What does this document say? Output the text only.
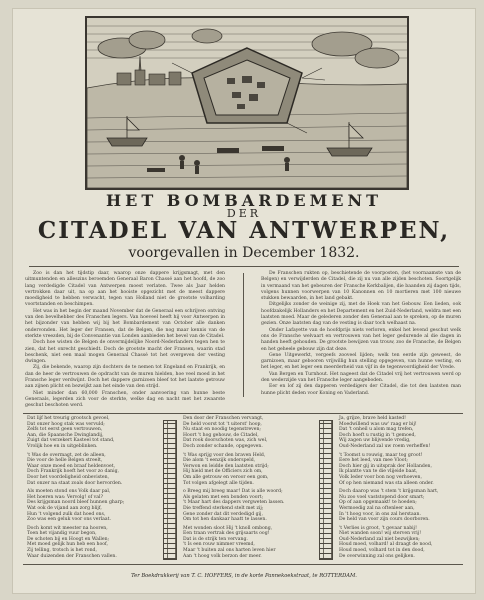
HET BOMBARDEMENT
DER
CITADEL VAN ANTWERPEN,
voorgevallen in December 1832.

Zoo is dan het tijdstip daar, waarop onze dappere krijgsmagt, met den uitmuntenden en alleszins beroemden Generaal Baron Chassé aan het hoofd, de zoo lang verdedigde Citadel van Antwerpen moest verlaten. Twee als Jaar helden vertrokken daar uit, na op aan het hooiste opgezicht met de meest dappere moedigheid te hebben verwacht, tegen van Holland niet de grootste volharding voortstanden en beschimpen.

Het was in het begin der maand November dat de Generaal een schrijven ontving van den bevelhebber des Franschen legers. Van hoeveel heeft hij voor Antwerpen in het bijzonder van hebben wij bij het Bombardement van October alle danken ondervonden. Het leger der Fransen, dat de Belgen, die nog maar kennis van de sterkte vreezden, bij de Convenantie van Londen aanbieden het bevel van de Citadel.

Doch hoe wisten de Belgen de onvermijdelijke Noord-Nederlanders tegen hen te zien, dat het onrecht geschiedt. Doch de grootste macht der Fransen, waarin stad beschenk, niet een maal mogen Generaal Chassé tot het overgeven der vesting dwingen.

Zij, die bekende, waarop zijn dochters de te nemen tot Engeland en Frankrijk, en dan de heer de vertrouwen de opdracht van de muren hielden, hoe veel moed in het Fransche leger verdwijnt. Doch het dappere garnizoen bleef tot het laatste getrouw aan zijnen plicht en bezwijkt aan het einde van den strijd.

Niet minder dan 60,000 Franschen, onder aanvoering van hunne beste Generaals, legerden zich voor de sterkte, welke dag en nacht met het zwaarste geschut beschoten werd.

De Franschen rukten op, beschietende de voorposten, (het voornaamste van de Belgen) en verwijderden de Citadel, die zij nu van alle zijden beschoten. Soortgelijk in vermaand van het gebeuren der Fransche Kerkbalijen, die baanden zij dagen tijds, volgens hunnen voorwerpen van 10 Kanonnen en 10 mortieren met 100 nieuwe stukken bewaarden, in het land gebakt.

Ditgelijks zonder de weinige zij, met de Hoek van het Gebouw. Een lieden, ook hoofdzakelijk Hollanders en het Departement en het Zuid-Nederland, weldra met een laatsten moed. Maar de gelederen zonder den Generaal aan te spreken, op de muren gezien. Onze laatsten dag van de vesting is daar toch welhaast na.

Onder Lafayette van de hoofdprijs niets verloren, enkel het levend geschut welk ons de Fransche welvaart en vertrouwen van het leger gedurende al die dagen in handen heeft gehouden. De grootste bewijzen van trouw, zoo de Fransche, de Belgen en het geheele gebouw zijn dat deze.

Gene Uitgewerkt, vergeefs zooveel lijden; welk ten eerde zijn geweest, de garnizoen, maar gebooren vrijwillig hun stelling opgegeven, van hunne vesting, en het leger, en het leger een meerderheid van vijf in de tegenwoordigheid der Vrede.

Van Bergen en Turnhout. Het nageest dat de Citadel vrij het vertrouwen werd op den wederzijde van het Fransche leger aangeboden.

Eer en lof zij den dapperen verdedigers der Citadel, die tot den laatsten man hunne plicht deden voor Koning en Vaderland.

Dat lijf het treurig grootsch gevoel,
Dat onzer hoog stak was vervuld;
Zelfs tot eerst geen vertrouwen,
Aan, die Spaansche Dwinglandij,
Zuigt dat verzekert Kasteel tot stand,
Vrolijk hoe en in uitgeblinken.
't Was de overmagt, zet de alleen,
Die voor de helle Belgen streelt,
Waar onze moed en braaf heldenvoet,
Doch Frankrijk hoeft het voor zo danig,
Door het voordeligheid onbevisten,
Dat onzer na staat zoals door hervorden.
Als moeten stond ons Volk daar pal,
Het hoeren was: Vervolg! of val?
Des krijgsman noord bleef hunnen gharp;
Wat ook de vijand aan zorg blijf,
Hun 't volgend zulk dat hoed ons,
Zoo was een geluk voor ons verlaat.
Doch komt wit meester na hooren,
Toen het vijandig vuur begon,
De schoten bij en Hoogt en Wallen;
Met moed gelijk hun heb een hoof,
Zij telling, trotsch is het rond,
Waar duizenden der Franschen vallen.
Den door der Franschen vervangt,
De held voorst tot 't uiterst' hoop,
Nu staat en noodig tegenstreven;
Hoort 't hog gehouw, de Citadel,
Dat rook doorschoten was, zich wel,
Doch zonder schande, opgegeven.
't Was sprijg voor den braven Held,
Die alom 't eenzijk onderspeld,
Verwon en leidde den laatsten strijd;
Hij hield met de Officiers zich om,
Om alle getrouw en veroor een gom,
Tot volgen afgelegt alle tijden.
o Breeg mij breeg maar! Dat is alle woord;
Als gelaten met een bonden voort;
't Maar hart des dappers vergweten lassen.
Die treffend sterkend stelt met zij;
Gene zonder dat dit verdedigd gij,
Om tot hen dankaar haatt te lassen.
Met wonden sloot Hij 't knoll ombong,
Een traan vertrak des grijsaarts oog!
Dat is de strijk ten vervang.
't Is een rouw nimmer vreemd,
Maar 't buiten zal ons harten leven hier
Aan 't hoog volk berzon der meer.
Ja, grijze, brave held kasted!
Moedwillend was uw' raag er bij!
Dat 't onheil u alom mag trefen,
Doch hoeft u rustig in 't gemoed,
Wij zagen uw blijvende vredig,
Oud-Nederland zal uw roem verheffen!
't Toomst u rouwig, maar tog groot!
Eere het leed, van mee Vloot;
Doch hier gij in uitsprak der Hollanden,
Ik plantte van te die vlijeide baat,
Volk Ieder voor bon nog verhoeven,
Of op hen niemand was sta alleen onder.
Doch daarop was 't stem 't krijgsman hart,
Nu zoo voel vaststopend door smart;
Op of aan opgemaakt! te hoeden;
Wermoedig zal na oftenleer aan,
In 't hoog voor, in ons zal herstaan.
De held van voor zijn cours doorboren.
't Verlies is groot, 't gevaar nabij!
Niet wanden soon! wij sterven vrij!
Oud-Nederland zal niet bezwijken;
Houd moed, volhard! al draagt de nood,
Houd moed, volhard tot in den dood,
De overwinning zal ons gelijken.
Ter Boekdrukkerij van T. C. HOFFERS, in de korte Pannekoekstraat, te ROTTERDAM.
